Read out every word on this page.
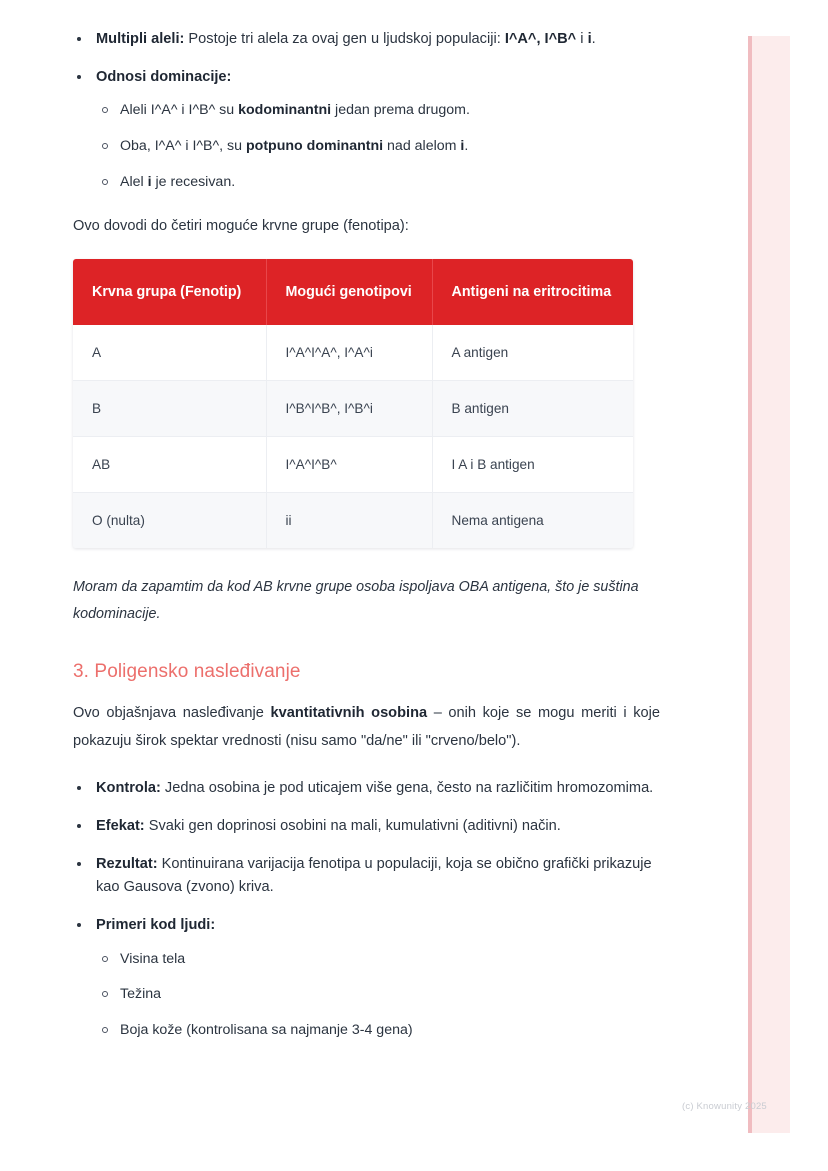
Multipli aleli: Postoje tri alela za ovaj gen u ljudskoj populaciji: I^A^, I^B^ i i.
Odnosi dominacije:
Aleli I^A^ i I^B^ su kodominantni jedan prema drugom.
Oba, I^A^ i I^B^, su potpuno dominantni nad alelom i.
Alel i je recesivan.

Ovo dovodi do četiri moguće krvne grupe (fenotipa):

Krvna grupa (Fenotip)	Mogući genotipovi	Antigeni na eritrocitima
A	I^A^I^A^, I^A^i	A antigen
B	I^B^I^B^, I^B^i	B antigen
AB	I^A^I^B^	I A i B antigen
O (nulta)	ii	Nema antigena

Moram da zapamtim da kod AB krvne grupe osoba ispoljava OBA antigena, što je suština kodominacije.

3. Poligensko nasleđivanje

Ovo objašnjava nasleđivanje kvantitativnih osobina – onih koje se mogu meriti i koje pokazuju širok spektar vrednosti (nisu samo "da/ne" ili "crveno/belo").

Kontrola: Jedna osobina je pod uticajem više gena, često na različitim hromozomima.
Efekat: Svaki gen doprinosi osobini na mali, kumulativni (aditivni) način.
Rezultat: Kontinuirana varijacija fenotipa u populaciji, koja se obično grafički prikazuje kao Gausova (zvono) kriva.
Primeri kod ljudi:
Visina tela
Težina
Boja kože (kontrolisana sa najmanje 3-4 gena)
(c) Knowunity 2025
